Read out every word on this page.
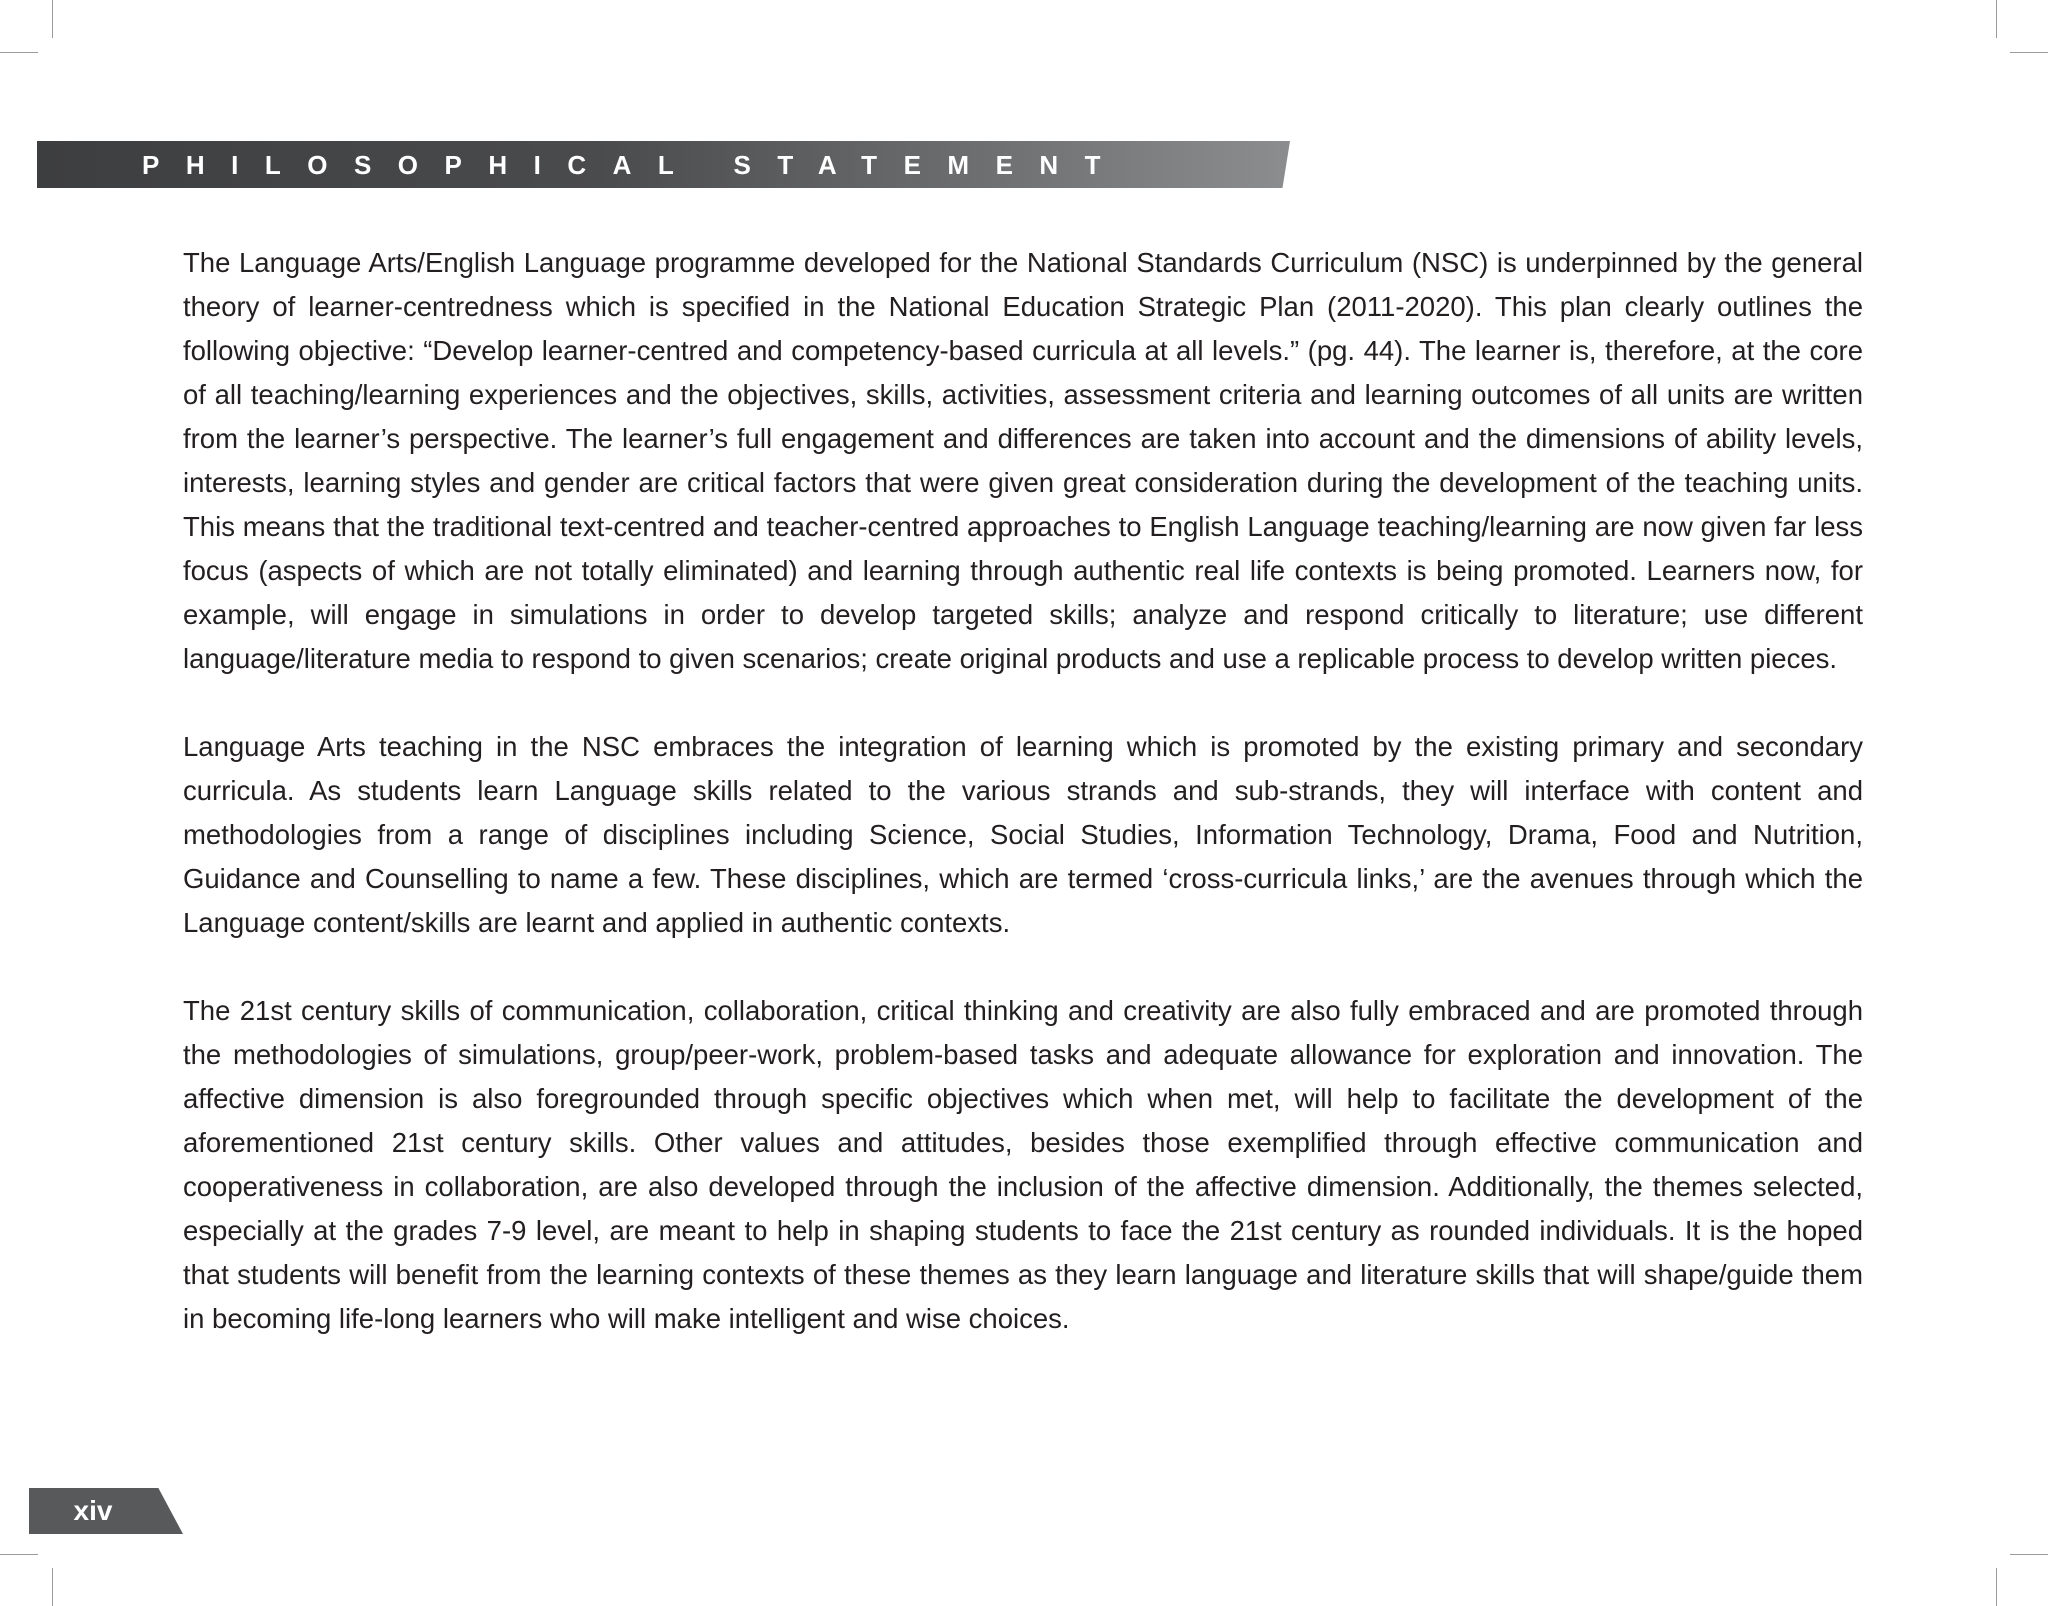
PHILOSOPHICAL STATEMENT

The Language Arts/English Language programme developed for the National Standards Curriculum (NSC) is underpinned by the general theory of learner-centredness which is specified in the National Education Strategic Plan (2011-2020). This plan clearly outlines the following objective: “Develop learner-centred and competency-based curricula at all levels.” (pg. 44). The learner is, therefore, at the core of all teaching/learning experiences and the objectives, skills, activities, assessment criteria and learning outcomes of all units are written from the learner’s perspective. The learner’s full engagement and differences are taken into account and the dimensions of ability levels, interests, learning styles and gender are critical factors that were given great consideration during the development of the teaching units. This means that the traditional text-centred and teacher-centred approaches to English Language teaching/learning are now given far less focus (aspects of which are not totally eliminated) and learning through authentic real life contexts is being promoted. Learners now, for example, will engage in simulations in order to develop targeted skills; analyze and respond critically to literature; use different language/literature media to respond to given scenarios; create original products and use a replicable process to develop written pieces.

Language Arts teaching in the NSC embraces the integration of learning which is promoted by the existing primary and secondary curricula. As students learn Language skills related to the various strands and sub-strands, they will interface with content and methodologies from a range of disciplines including Science, Social Studies, Information Technology, Drama, Food and Nutrition, Guidance and Counselling to name a few. These disciplines, which are termed ‘cross-curricula links,’ are the avenues through which the Language content/skills are learnt and applied in authentic contexts.

The 21st century skills of communication, collaboration, critical thinking and creativity are also fully embraced and are promoted through the methodologies of simulations, group/peer-work, problem-based tasks and adequate allowance for exploration and innovation. The affective dimension is also foregrounded through specific objectives which when met, will help to facilitate the development of the aforementioned 21st century skills. Other values and attitudes, besides those exemplified through effective communication and cooperativeness in collaboration, are also developed through the inclusion of the affective dimension. Additionally, the themes selected, especially at the grades 7-9 level, are meant to help in shaping students to face the 21st century as rounded individuals. It is the hoped that students will benefit from the learning contexts of these themes as they learn language and literature skills that will shape/guide them in becoming life-long learners who will make intelligent and wise choices.

xiv
